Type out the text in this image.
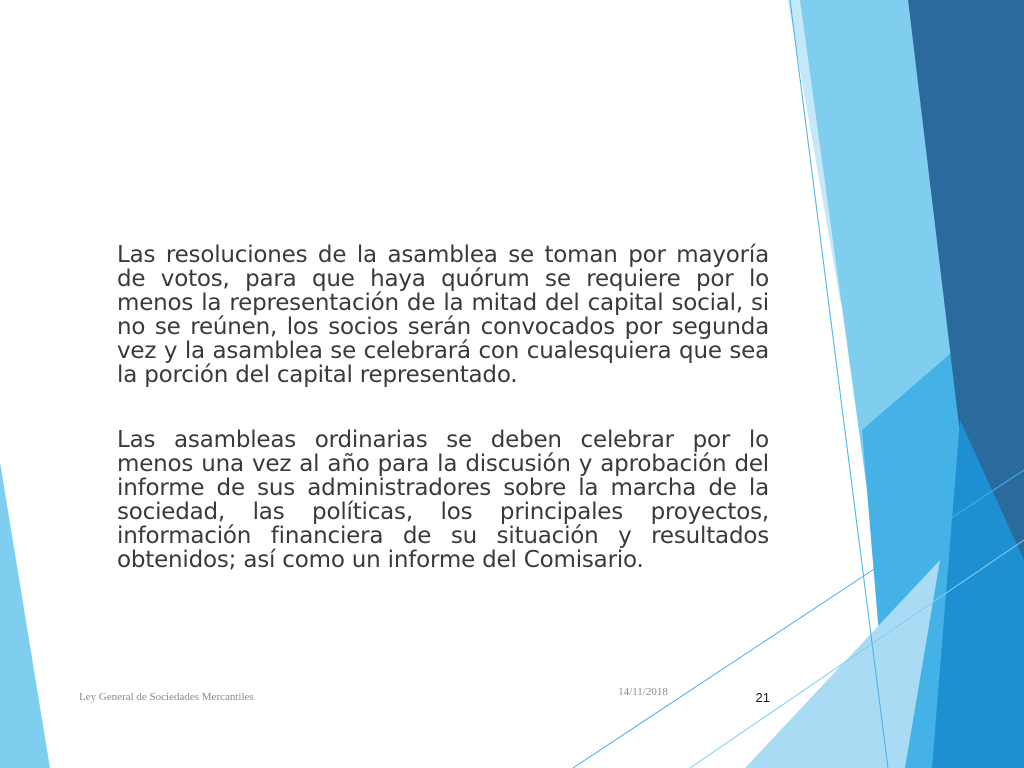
Las resoluciones de la asamblea se toman por mayoría de votos, para que haya quórum se requiere por lo menos la representación de la mitad del capital social, si no se reúnen, los socios serán convocados por segunda vez y la asamblea se celebrará con cualesquiera que sea la porción del capital representado.

Las asambleas ordinarias se deben celebrar por lo menos una vez al año para la discusión y aprobación del informe de sus administradores sobre la marcha de la sociedad, las políticas, los principales proyectos, información financiera de su situación y resultados obtenidos; así como un informe del Comisario.

Ley General de Sociedades Mercantiles	14/11/2018	21
